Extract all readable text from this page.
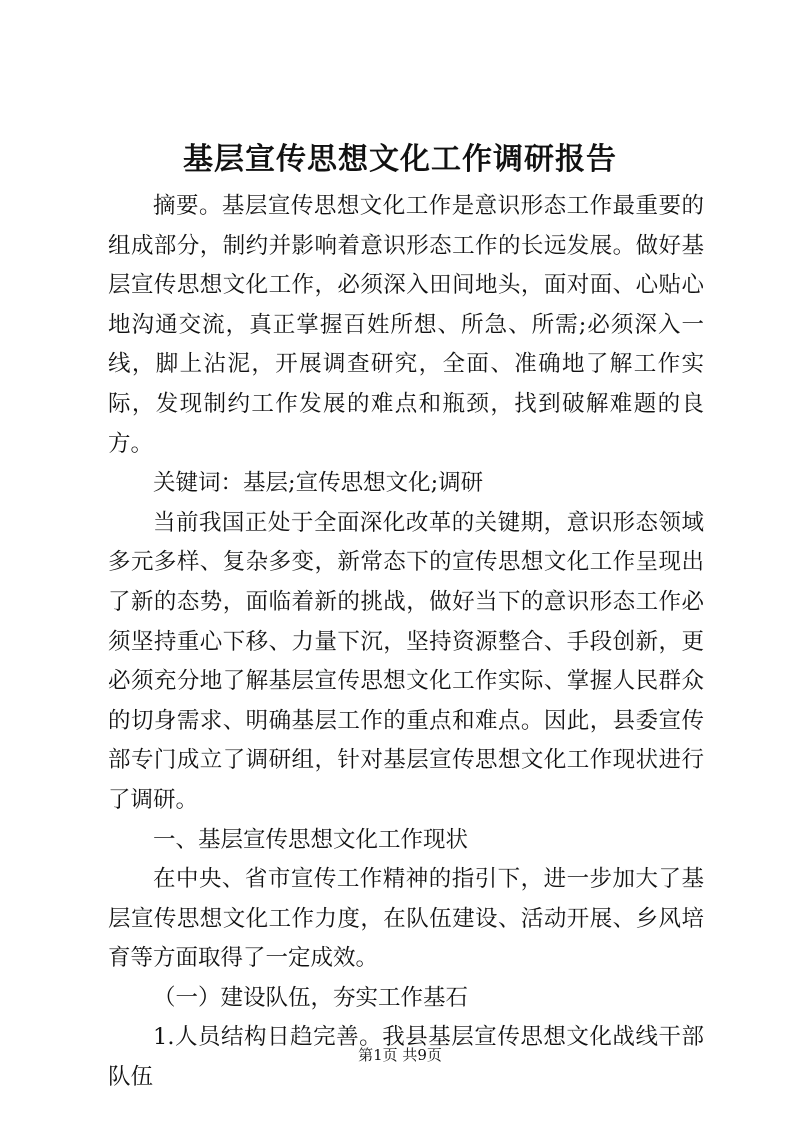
基层宣传思想文化工作调研报告

摘要。基层宣传思想文化工作是意识形态工作最重要的组成部分，制约并影响着意识形态工作的长远发展。做好基层宣传思想文化工作，必须深入田间地头，面对面、心贴心地沟通交流，真正掌握百姓所想、所急、所需;必须深入一线，脚上沾泥，开展调查研究，全面、准确地了解工作实际，发现制约工作发展的难点和瓶颈，找到破解难题的良方。

关键词：基层;宣传思想文化;调研

当前我国正处于全面深化改革的关键期，意识形态领域多元多样、复杂多变，新常态下的宣传思想文化工作呈现出了新的态势，面临着新的挑战，做好当下的意识形态工作必须坚持重心下移、力量下沉，坚持资源整合、手段创新，更必须充分地了解基层宣传思想文化工作实际、掌握人民群众的切身需求、明确基层工作的重点和难点。因此，县委宣传部专门成立了调研组，针对基层宣传思想文化工作现状进行了调研。

一、基层宣传思想文化工作现状

在中央、省市宣传工作精神的指引下，进一步加大了基层宣传思想文化工作力度，在队伍建设、活动开展、乡风培育等方面取得了一定成效。

（一）建设队伍，夯实工作基石

1.人员结构日趋完善。我县基层宣传思想文化战线干部队伍

第1页 共9页
